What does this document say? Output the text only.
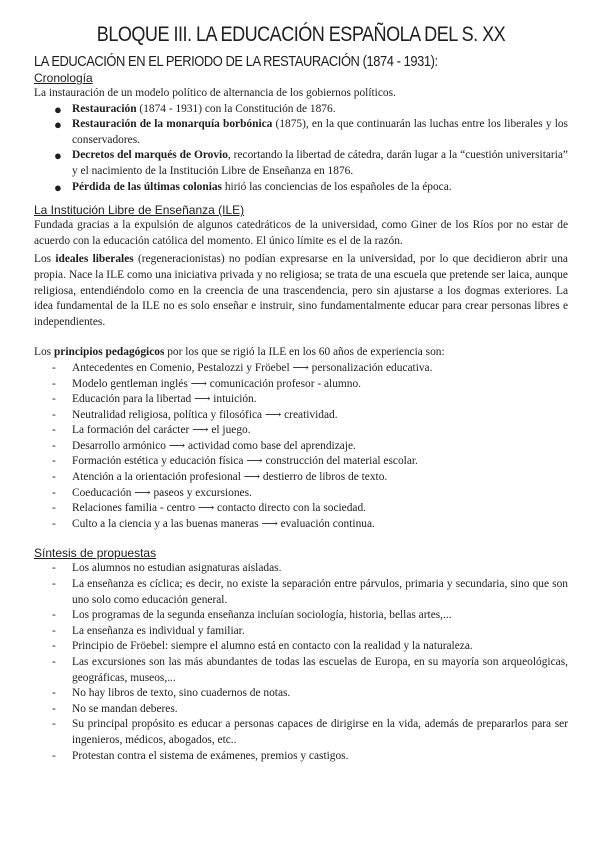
BLOQUE III. LA EDUCACIÓN ESPAÑOLA DEL S. XX
LA EDUCACIÓN EN EL PERIODO DE LA RESTAURACIÓN (1874 - 1931):
Cronología

La instauración de un modelo político de alternancia de los gobiernos políticos.

● Restauración (1874 - 1931) con la Constitución de 1876.
● Restauración de la monarquía borbónica (1875), en la que continuarán las luchas entre los liberales y los conservadores.
● Decretos del marqués de Orovio, recortando la libertad de cátedra, darán lugar a la “cuestión universitaria” y el nacimiento de la Institución Libre de Enseñanza en 1876.
● Pérdida de las últimas colonias hirió las conciencias de los españoles de la época.
La Institución Libre de Enseñanza (ILE)

Fundada gracias a la expulsión de algunos catedráticos de la universidad, como Giner de los Ríos por no estar de acuerdo con la educación católica del momento. El único límite es el de la razón.

Los ideales liberales (regeneracionistas) no podían expresarse en la universidad, por lo que decidieron abrir una propia. Nace la ILE como una iniciativa privada y no religiosa; se trata de una escuela que pretende ser laica, aunque religiosa, entendiéndolo como en la creencia de una trascendencia, pero sin ajustarse a los dogmas exteriores. La idea fundamental de la ILE no es solo enseñar e instruir, sino fundamentalmente educar para crear personas libres e independientes.

Los principios pedagógicos por los que se rigió la ILE en los 60 años de experiencia son:

- Antecedentes en Comenio, Pestalozzi y Fröebel ⟶ personalización educativa.
- Modelo gentleman inglés ⟶ comunicación profesor - alumno.
- Educación para la libertad ⟶ intuición.
- Neutralidad religiosa, política y filosófica ⟶ creatividad.
- La formación del carácter ⟶ el juego.
- Desarrollo armónico ⟶ actividad como base del aprendizaje.
- Formación estética y educación física ⟶ construcción del material escolar.
- Atención a la orientación profesional ⟶ destierro de libros de texto.
- Coeducación ⟶ paseos y excursiones.
- Relaciones familia - centro ⟶ contacto directo con la sociedad.
- Culto a la ciencia y a las buenas maneras ⟶ evaluación continua.
Síntesis de propuestas
- Los alumnos no estudian asignaturas aisladas.
- La enseñanza es cíclica; es decir, no existe la separación entre párvulos, primaria y secundaria, sino que son uno solo como educación general.
- Los programas de la segunda enseñanza incluían sociología, historia, bellas artes,...
- La enseñanza es individual y familiar.
- Principio de Fröebel: siempre el alumno está en contacto con la realidad y la naturaleza.
- Las excursiones son las más abundantes de todas las escuelas de Europa, en su mayoría son arqueológicas, geográficas, museos,...
- No hay libros de texto, sino cuadernos de notas.
- No se mandan deberes.
- Su principal propósito es educar a personas capaces de dirigirse en la vida, además de prepararlos para ser ingenieros, médicos, abogados, etc..
- Protestan contra el sistema de exámenes, premios y castigos.
